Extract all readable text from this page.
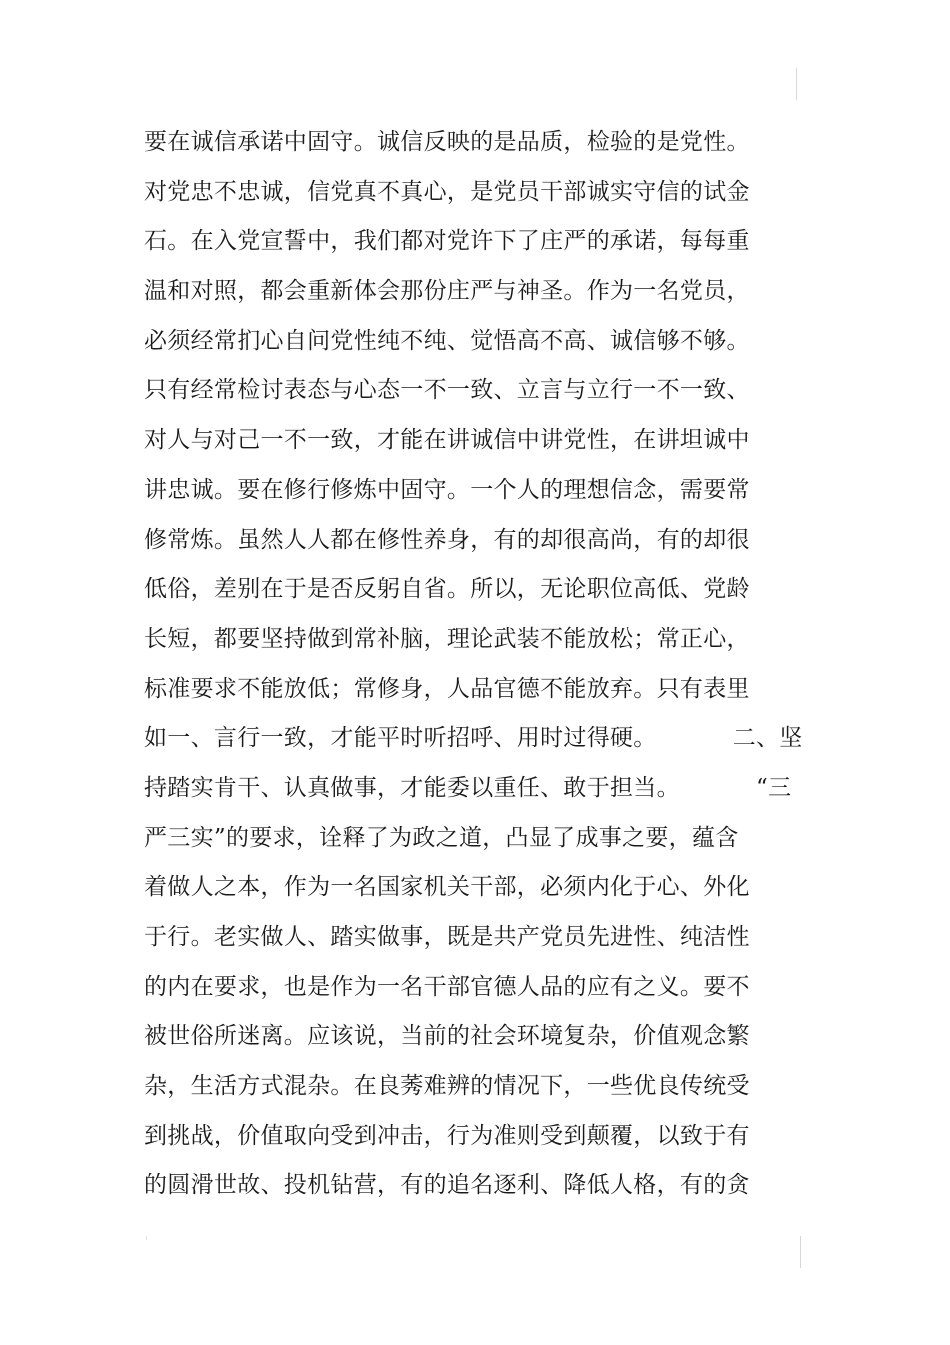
要在诚信承诺中固守。诚信反映的是品质，检验的是党性。
对党忠不忠诚，信党真不真心，是党员干部诚实守信的试金
石。在入党宣誓中，我们都对党许下了庄严的承诺，每每重
温和对照，都会重新体会那份庄严与神圣。作为一名党员，
必须经常扪心自问党性纯不纯、觉悟高不高、诚信够不够。
只有经常检讨表态与心态一不一致、立言与立行一不一致、
对人与对己一不一致，才能在讲诚信中讲党性，在讲坦诚中
讲忠诚。要在修行修炼中固守。一个人的理想信念，需要常
修常炼。虽然人人都在修性养身，有的却很高尚，有的却很
低俗，差别在于是否反躬自省。所以，无论职位高低、党龄
长短，都要坚持做到常补脑，理论武装不能放松；常正心，
标准要求不能放低；常修身，人品官德不能放弃。只有表里
如一、言行一致，才能平时听招呼、用时过得硬。          二、坚
持踏实肯干、认真做事，才能委以重任、敢于担当。          “三
严三实”的要求，诠释了为政之道，凸显了成事之要，蕴含
着做人之本，作为一名国家机关干部，必须内化于心、外化
于行。老实做人、踏实做事，既是共产党员先进性、纯洁性
的内在要求，也是作为一名干部官德人品的应有之义。要不
被世俗所迷离。应该说，当前的社会环境复杂，价值观念繁
杂，生活方式混杂。在良莠难辨的情况下，一些优良传统受
到挑战，价值取向受到冲击，行为准则受到颠覆，以致于有
的圆滑世故、投机钻营，有的追名逐利、降低人格，有的贪
